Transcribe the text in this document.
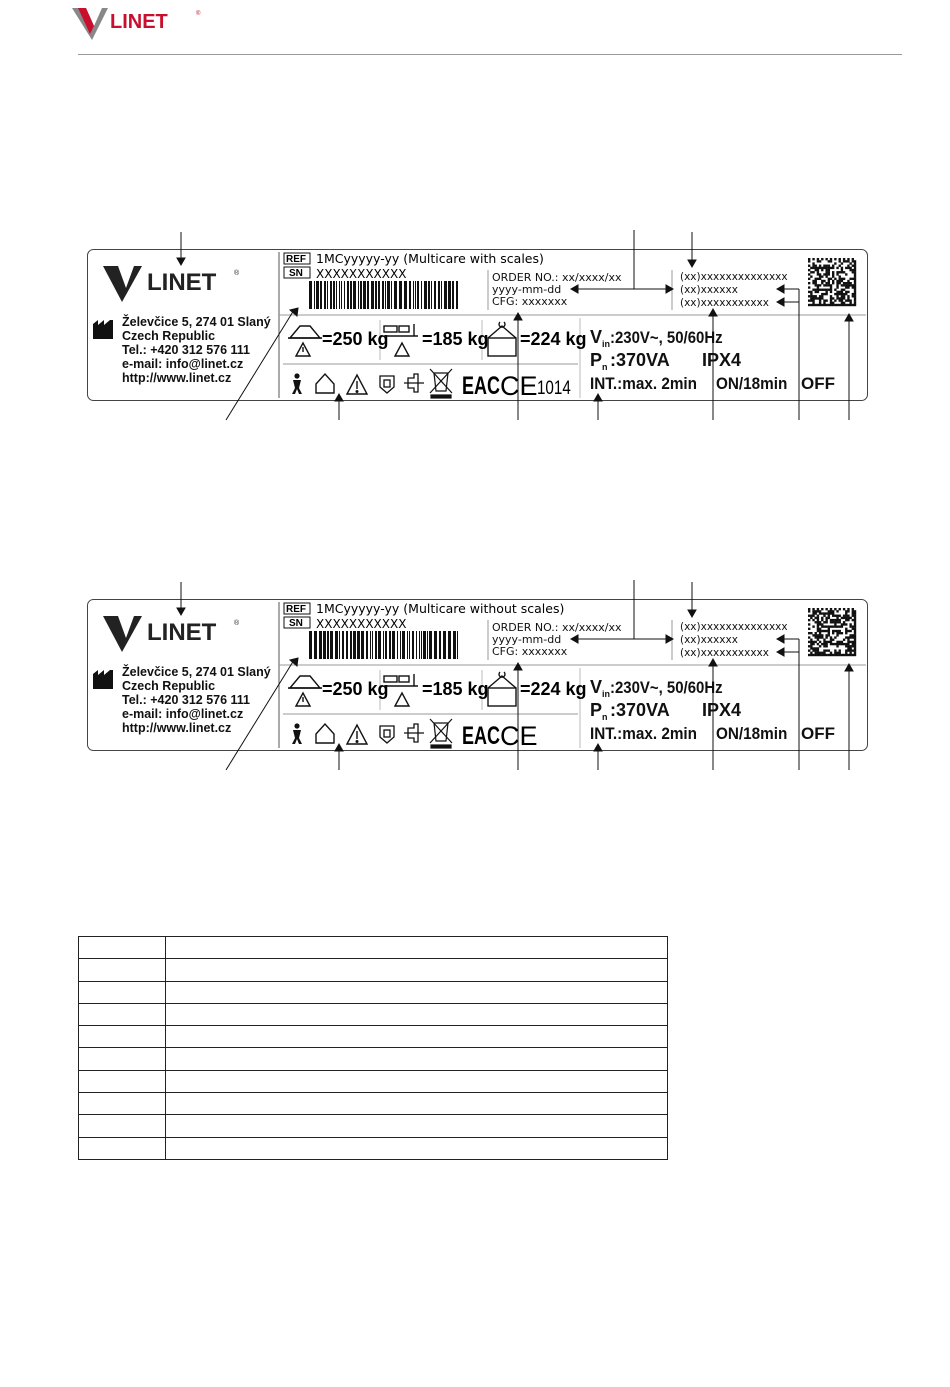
LINET	®
LINET	®
Želevčice 5, 274 01 Slaný
Czech Republic
Tel.: +420 312 576 111
e-mail: info@linet.cz
http://www.linet.cz
REF 1MCyyyyy-yy (Multicare with scales)
SN XXXXXXXXXXX	ORDER NO.: xx/xxxx/xx
yyyy-mm-dd
CFG: xxxxxxx
(xx)xxxxxxxxxxxxxx
(xx)xxxxxx
(xx)xxxxxxxxxxx
=250 kg =185 kg =224 kg
EAC CE 1014
V in :230V~, 50/60Hz
P n :370VA IPX4
INT.:max. 2min ON/18min OFF
LINET	®
Želevčice 5, 274 01 Slaný
Czech Republic
Tel.: +420 312 576 111
e-mail: info@linet.cz
http://www.linet.cz
REF 1MCyyyyy-yy (Multicare without scales)
SN XXXXXXXXXXX	ORDER NO.: xx/xxxx/xx
yyyy-mm-dd
CFG: xxxxxxx
(xx)xxxxxxxxxxxxxx
(xx)xxxxxx
(xx)xxxxxxxxxxx
=250 kg =185 kg =224 kg
EAC CE
V in :230V~, 50/60Hz
P n :370VA IPX4
INT.:max. 2min ON/18min OFF
